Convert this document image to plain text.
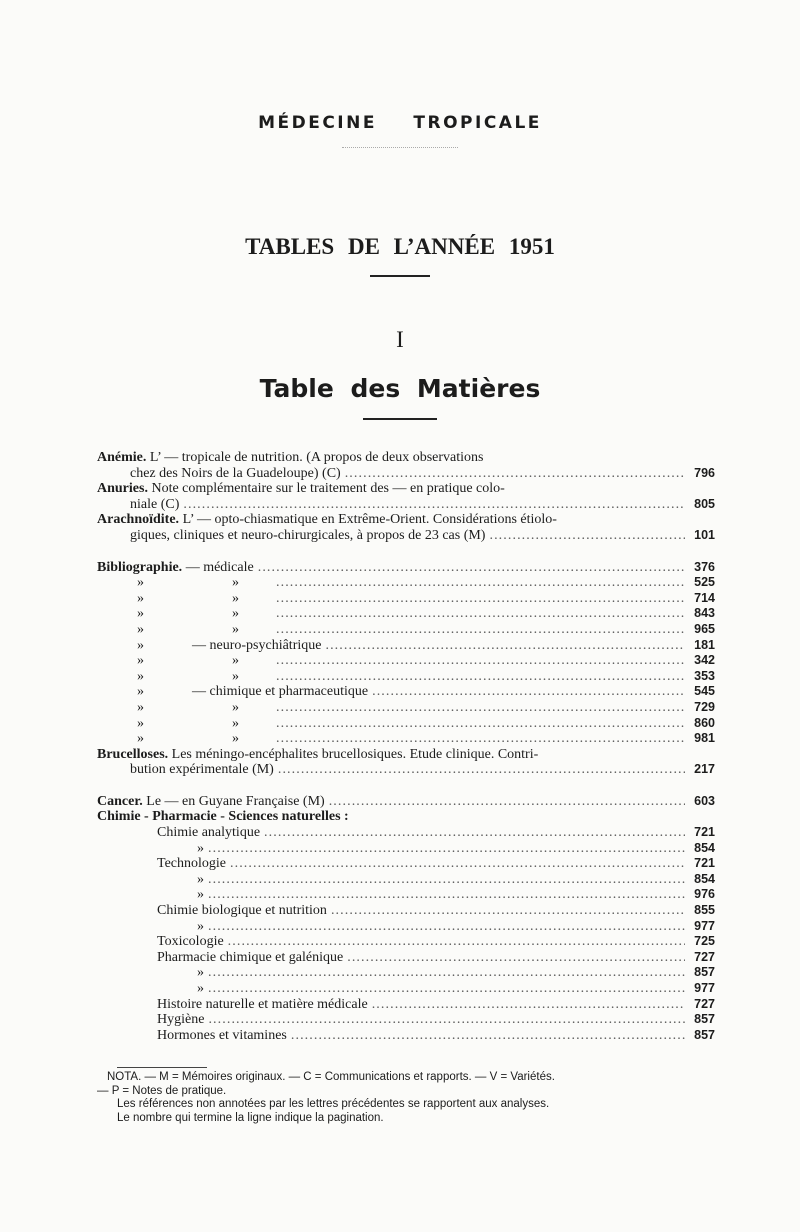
MÉDECINE TROPICALE
TABLES DE L’ANNÉE 1951
I
Table des Matières
Anémie. L’ — tropicale de nutrition. (A propos de deux observations
chez des Noirs de la Guadeloupe) (C) . . .	796
Anuries. Note complémentaire sur le traitement des — en pratique colo-
niale (C) . . .	805
Arachnoïdite. L’ — opto-chiasmatique en Extrême-Orient. Considérations étiolo-
giques, cliniques et neuro-chirurgicales, à propos de 23 cas (M) . . .	101
Bibliographie. — médicale . . .	376
»	» . . .	525
»	» . . .	714
»	» . . .	843
»	» . . .	965
»	— neuro-psychiâtrique . . .	181
»	» . . .	342
»	» . . .	353
»	— chimique et pharmaceutique . . .	545
»	» . . .	729
»	» . . .	860
»	» . . .	981
Brucelloses. Les méningo-encéphalites brucellosiques. Etude clinique. Contri-
bution expérimentale (M) . . .	217
Cancer. Le — en Guyane Française (M) . . .	603
Chimie - Pharmacie - Sciences naturelles :
Chimie analytique . . .	721
» . . .	854
Technologie . . .	721
» . . .	854
» . . .	976
Chimie biologique et nutrition . . .	855
» . . .	977
Toxicologie . . .	725
Pharmacie chimique et galénique . . .	727
» . . .	857
» . . .	977
Histoire naturelle et matière médicale . . .	727
Hygiène . . .	857
Hormones et vitamines . . .	857
NOTA. — M = Mémoires originaux. — C = Communications et rapports. — V = Variétés.
— P = Notes de pratique.
Les références non annotées par les lettres précédentes se rapportent aux analyses.
Le nombre qui termine la ligne indique la pagination.
